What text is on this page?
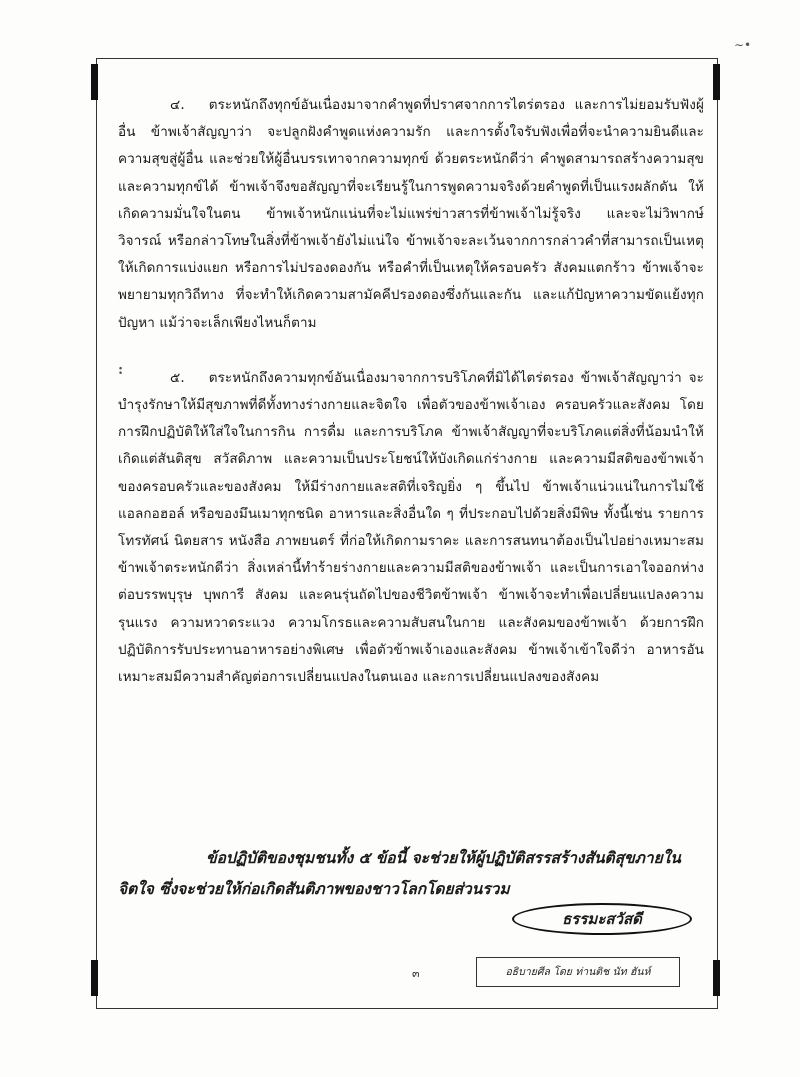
∼•
:

๔. ตระหนักถึงทุกข์อันเนื่องมาจากคำพูดที่ปราศจากการไตร่ตรอง และการไม่ยอมรับฟังผู้อื่น ข้าพเจ้าสัญญาว่า จะปลูกฝังคำพูดแห่งความรัก และการตั้งใจรับฟังเพื่อที่จะนำความยินดีและความสุขสู่ผู้อื่น และช่วยให้ผู้อื่นบรรเทาจากความทุกข์ ด้วยตระหนักดีว่า คำพูดสามารถสร้างความสุขและความทุกข์ได้ ข้าพเจ้าจึงขอสัญญาที่จะเรียนรู้ในการพูดความจริงด้วยคำพูดที่เป็นแรงผลักดัน ให้เกิดความมั่นใจในตน ข้าพเจ้าหนักแน่นที่จะไม่แพร่ข่าวสารที่ข้าพเจ้าไม่รู้จริง และจะไม่วิพากษ์วิจารณ์ หรือกล่าวโทษในสิ่งที่ข้าพเจ้ายังไม่แน่ใจ ข้าพเจ้าจะละเว้นจากการกล่าวคำที่สามารถเป็นเหตุให้เกิดการแบ่งแยก หรือการไม่ปรองดองกัน หรือคำที่เป็นเหตุให้ครอบครัว สังคมแตกร้าว ข้าพเจ้าจะพยายามทุกวิถีทาง ที่จะทำให้เกิดความสามัคคีปรองดองซึ่งกันและกัน และแก้ปัญหาความขัดแย้งทุกปัญหา แม้ว่าจะเล็กเพียงไหนก็ตาม

๕. ตระหนักถึงความทุกข์อันเนื่องมาจากการบริโภคที่มิได้ไตร่ตรอง ข้าพเจ้าสัญญาว่า จะบำรุงรักษาให้มีสุขภาพที่ดีทั้งทางร่างกายและจิตใจ เพื่อตัวของข้าพเจ้าเอง ครอบครัวและสังคม โดยการฝึกปฏิบัติให้ใส่ใจในการกิน การดื่ม และการบริโภค ข้าพเจ้าสัญญาที่จะบริโภคแต่สิ่งที่น้อมนำให้เกิดแต่สันติสุข สวัสดิภาพ และความเป็นประโยชน์ให้บังเกิดแก่ร่างกาย และความมีสติของข้าพเจ้า ของครอบครัวและของสังคม ให้มีร่างกายและสติที่เจริญยิ่ง ๆ ขึ้นไป ข้าพเจ้าแน่วแน่ในการไม่ใช้แอลกอฮอล์ หรือของมึนเมาทุกชนิด อาหารและสิ่งอื่นใด ๆ ที่ประกอบไปด้วยสิ่งมีพิษ ทั้งนี้เช่น รายการโทรทัศน์ นิตยสาร หนังสือ ภาพยนตร์ ที่ก่อให้เกิดกามราคะ และการสนทนาต้องเป็นไปอย่างเหมาะสม ข้าพเจ้าตระหนักดีว่า สิ่งเหล่านี้ทำร้ายร่างกายและความมีสติของข้าพเจ้า และเป็นการเอาใจออกห่างต่อบรรพบุรุษ บุพการี สังคม และคนรุ่นถัดไปของชีวิตข้าพเจ้า ข้าพเจ้าจะทำเพื่อเปลี่ยนแปลงความรุนแรง ความหวาดระแวง ความโกรธและความสับสนในกาย และสังคมของข้าพเจ้า ด้วยการฝึกปฏิบัติการรับประทานอาหารอย่างพิเศษ เพื่อตัวข้าพเจ้าเองและสังคม ข้าพเจ้าเข้าใจดีว่า อาหารอันเหมาะสมมีความสำคัญต่อการเปลี่ยนแปลงในตนเอง และการเปลี่ยนแปลงของสังคม

ข้อปฏิบัติของชุมชนทั้ง ๕ ข้อนี้ จะช่วยให้ผู้ปฏิบัติสรรสร้างสันติสุขภายในจิตใจ ซึ่งจะช่วยให้ก่อเกิดสันติภาพของชาวโลกโดยส่วนรวม

ธรรมะสวัสดี
๓	อธิบายศีล โดย ท่านติช นัท ฮันห์
